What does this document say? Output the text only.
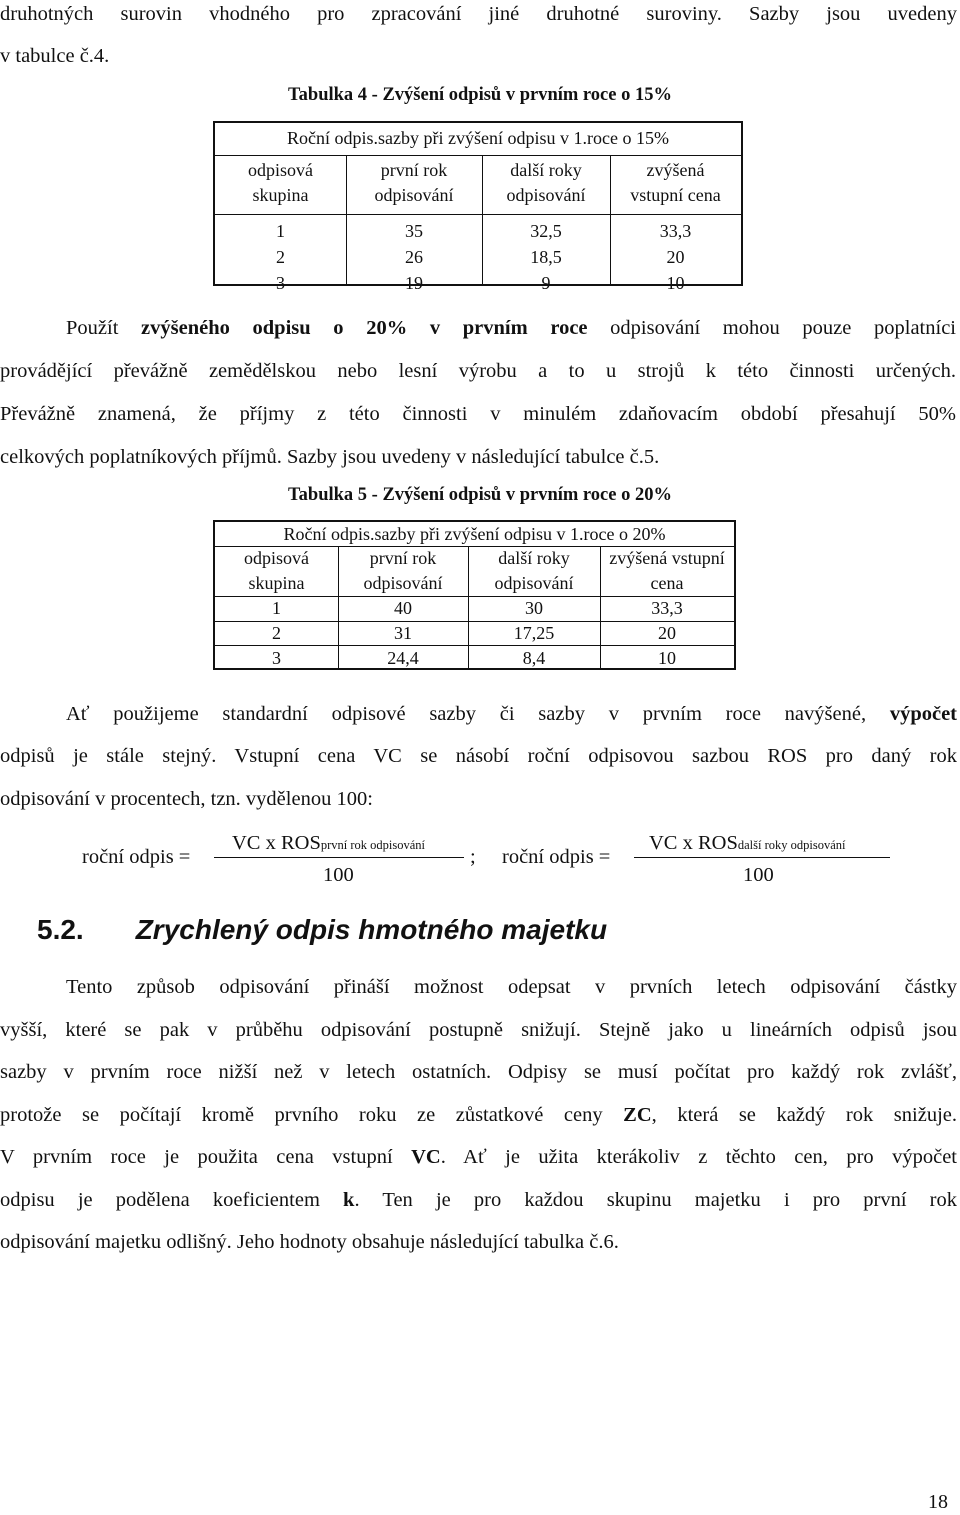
druhotných surovin vhodného pro zpracování jiné druhotné suroviny. Sazby jsou uvedeny
v tabulce č.4.
Tabulka 4 - Zvýšení odpisů v prvním roce o 15%
Roční odpis.sazby při zvýšení odpisu v 1.roce o 15%
odpisová
skupina
1
2
3
první rok
odpisování
35
26
19
další roky
odpisování
32,5
18,5
9
zvýšená
vstupní cena
33,3
20
10
Použít zvýšeného odpisu o 20% v prvním roce odpisování mohou pouze poplatníci
provádějící převážně zemědělskou nebo lesní výrobu a to u strojů k této činnosti určených.
Převážně znamená, že příjmy z této činnosti v minulém zdaňovacím období přesahují 50%
celkových poplatníkových příjmů. Sazby jsou uvedeny v následující tabulce č.5.
Tabulka 5 - Zvýšení odpisů v prvním roce o 20%
Roční odpis.sazby při zvýšení odpisu v 1.roce o 20%
odpisová
skupina
1
2
3
první rok
odpisování
40
31
24,4
další roky
odpisování
30
17,25
8,4
zvýšená vstupní
cena
33,3
20
10
Ať použijeme standardní odpisové sazby či sazby v prvním roce navýšené, výpočet
odpisů je stále stejný. Vstupní cena VC se násobí roční odpisovou sazbou ROS pro daný rok
odpisování v procentech, tzn. vydělenou 100:
roční odpis =
VC x ROSprvní rok odpisování
100
; roční odpis =
VC x ROSdalší roky odpisování
100
5.2. Zrychlený odpis hmotného majetku
Tento způsob odpisování přináší možnost odepsat v prvních letech odpisování částky
vyšší, které se pak v průběhu odpisování postupně snižují. Stejně jako u lineárních odpisů jsou
sazby v prvním roce nižší než v letech ostatních. Odpisy se musí počítat pro každý rok zvlášť,
protože se počítají kromě prvního roku ze zůstatkové ceny ZC, která se každý rok snižuje.
V prvním roce je použita cena vstupní VC. Ať je užita kterákoliv z těchto cen, pro výpočet
odpisu je podělena koeficientem k. Ten je pro každou skupinu majetku i pro první rok
odpisování majetku odlišný. Jeho hodnoty obsahuje následující tabulka č.6.
18
